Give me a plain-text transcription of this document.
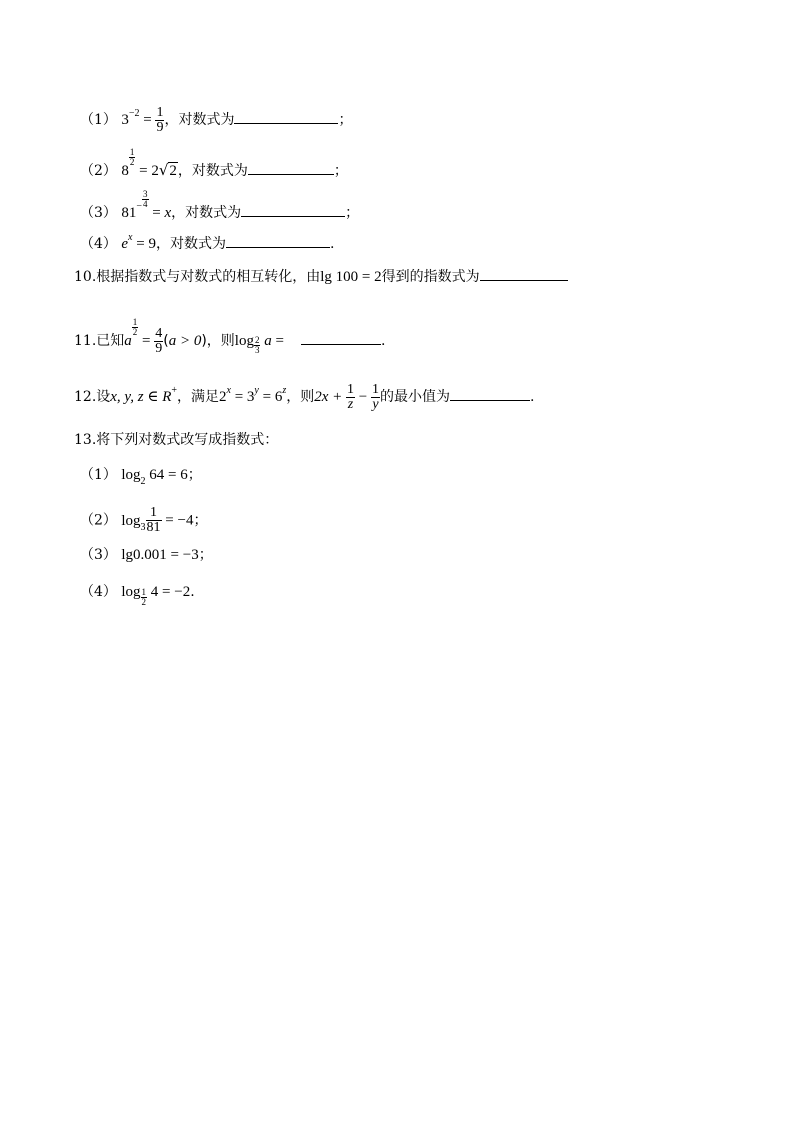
（1） $3^{-2} = \frac{1}{9}$ ，对数式为	；
（2） 8
$\frac{1}{2}$
= 2√2，对数式为	；
（3） $81^- \frac{3}{4}$
= x，对数式为	；
（4） $e^x = 9$，对数式为	.
10.根据指数式与对数式的相互转化，由lg 100 = 2得到的指数式为
11.已知a
$\frac{1}{2}$
= $\frac{4}{9} (a > 0)$，则$\log \frac{2}{3}$ a =	.
12.设x, y, z ∈ R+，满足$2^x = 3^y = 6^z$，则$2x + \frac{1}{z} - \frac{1}{y}$ 的最小值为	.
13.将下列对数式改写成指数式：
（1） $\log_2 64 = 6$；
（2） $\log_3 \frac{1}{81} = -4$；
（3） lg0.001 = −3；
（4） $\log \frac{1}{2} 4 = -2$.
